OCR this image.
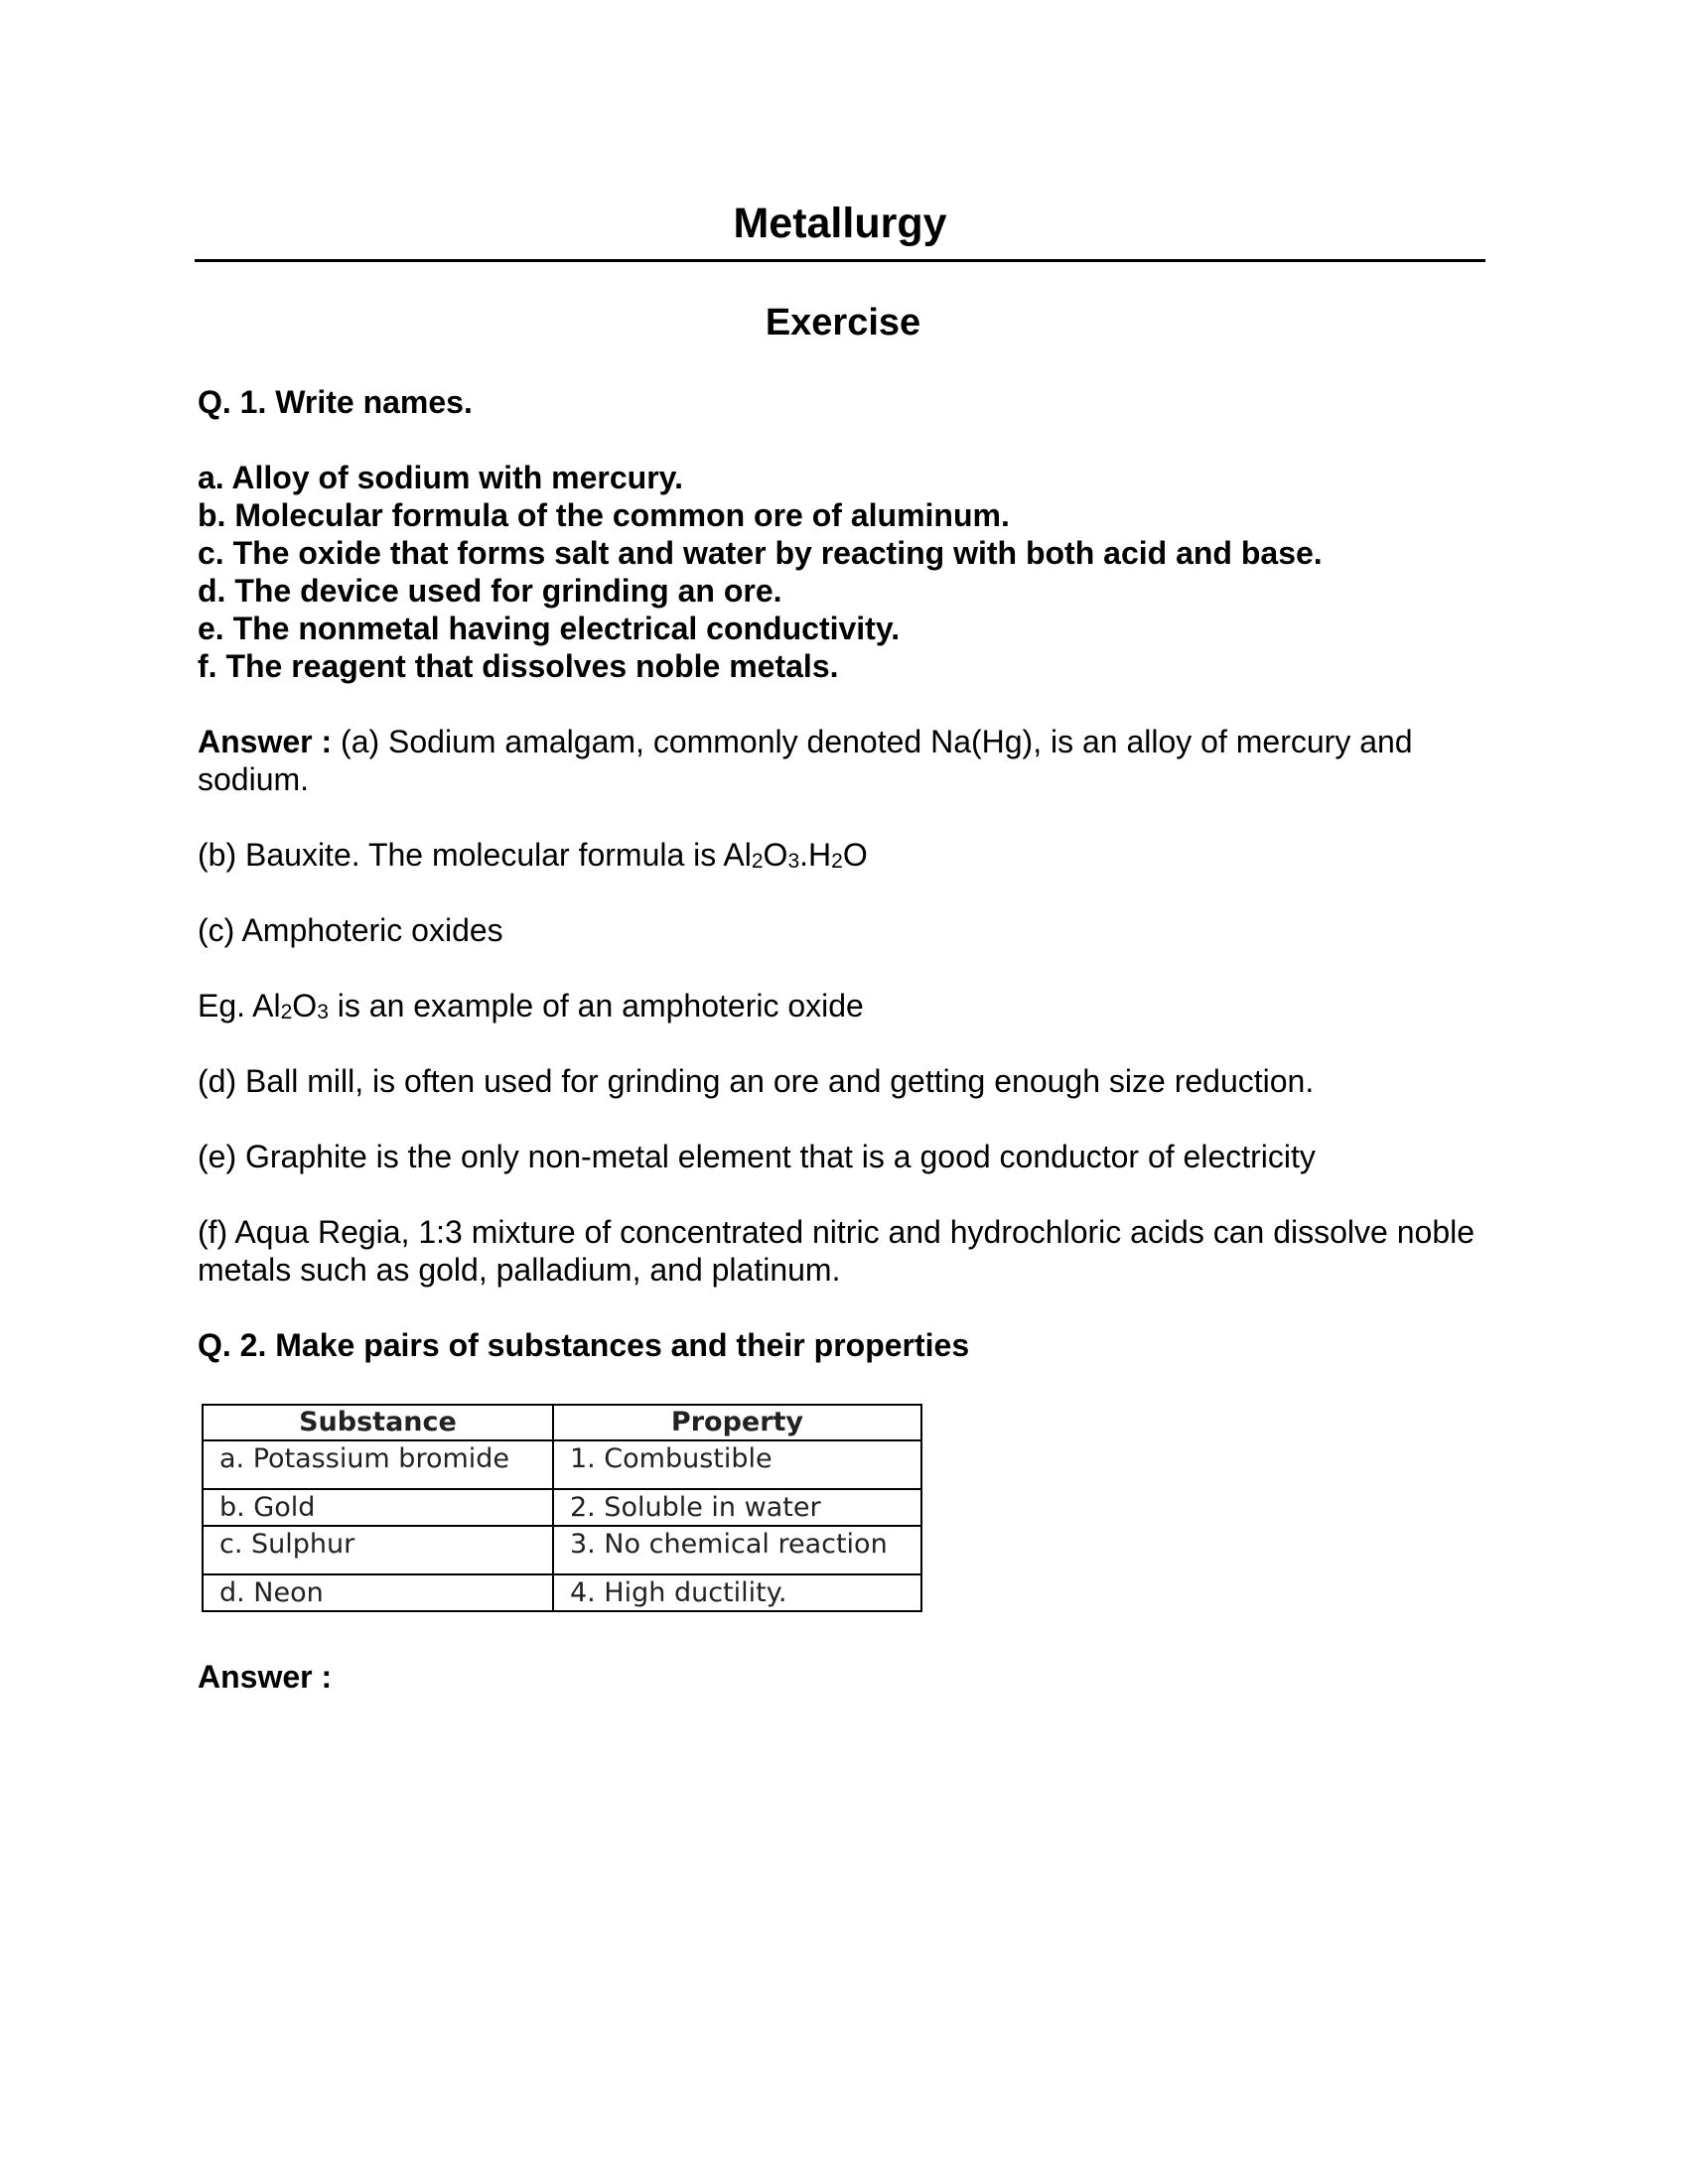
Metallurgy
Exercise
Q. 1. Write names.
a. Alloy of sodium with mercury.
b. Molecular formula of the common ore of aluminum.
c. The oxide that forms salt and water by reacting with both acid and base.
d. The device used for grinding an ore.
e. The nonmetal having electrical conductivity.
f. The reagent that dissolves noble metals.
Answer : (a) Sodium amalgam, commonly denoted Na(Hg), is an alloy of mercury and sodium.
(b) Bauxite. The molecular formula is $Al_2O_3.H_2O$
(c) Amphoteric oxides
Eg. $Al_2O_3$ is an example of an amphoteric oxide
(d) Ball mill, is often used for grinding an ore and getting enough size reduction.
(e) Graphite is the only non-metal element that is a good conductor of electricity
(f) Aqua Regia, 1:3 mixture of concentrated nitric and hydrochloric acids can dissolve noble metals such as gold, palladium, and platinum.
Q. 2. Make pairs of substances and their properties
Substance	Property
a. Potassium bromide	1. Combustible
b. Gold	2. Soluble in water
c. Sulphur	3. No chemical reaction
d. Neon	4. High ductility.
Answer :
